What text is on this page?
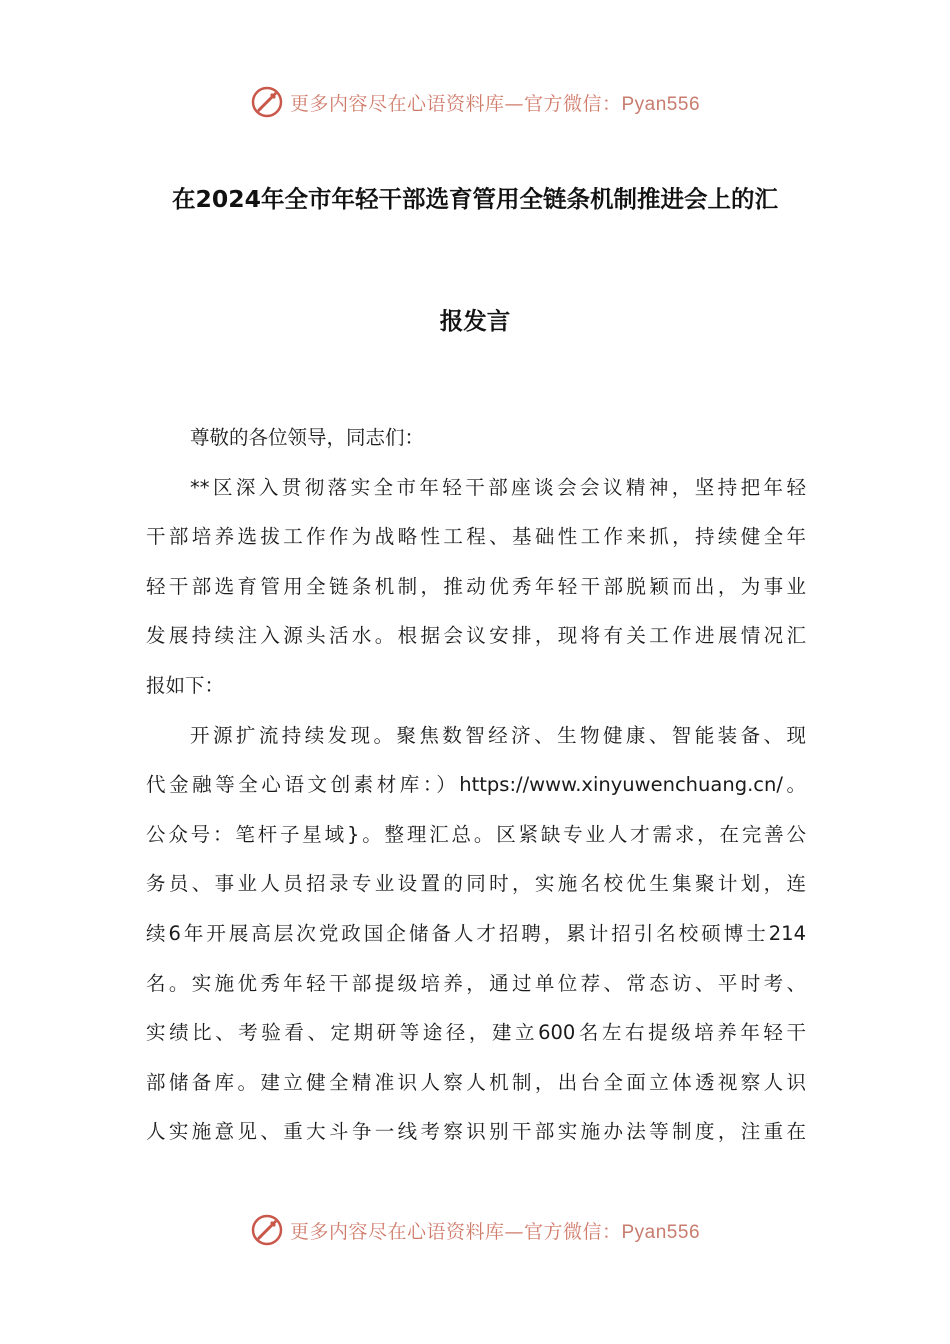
更多内容尽在心语资料库—官方微信：Pyan556
在2024年全市年轻干部选育管用全链条机制推进会上的汇
报发言
尊敬的各位领导，同志们：
**区深入贯彻落实全市年轻干部座谈会会议精神，坚持把年轻
干部培养选拔工作作为战略性工程、基础性工作来抓，持续健全年
轻干部选育管用全链条机制，推动优秀年轻干部脱颖而出，为事业
发展持续注入源头活水。根据会议安排，现将有关工作进展情况汇
报如下：
开源扩流持续发现。聚焦数智经济、生物健康、智能装备、现
代金融等全心语文创素材库：）https://www.xinyuwenchuang.cn/。
公众号：笔杆子星域}。整理汇总。区紧缺专业人才需求，在完善公
务员、事业人员招录专业设置的同时，实施名校优生集聚计划，连
续6年开展高层次党政国企储备人才招聘，累计招引名校硕博士214
名。实施优秀年轻干部提级培养，通过单位荐、常态访、平时考、
实绩比、考验看、定期研等途径，建立600名左右提级培养年轻干
部储备库。建立健全精准识人察人机制，出台全面立体透视察人识
人实施意见、重大斗争一线考察识别干部实施办法等制度，注重在
更多内容尽在心语资料库—官方微信：Pyan556
